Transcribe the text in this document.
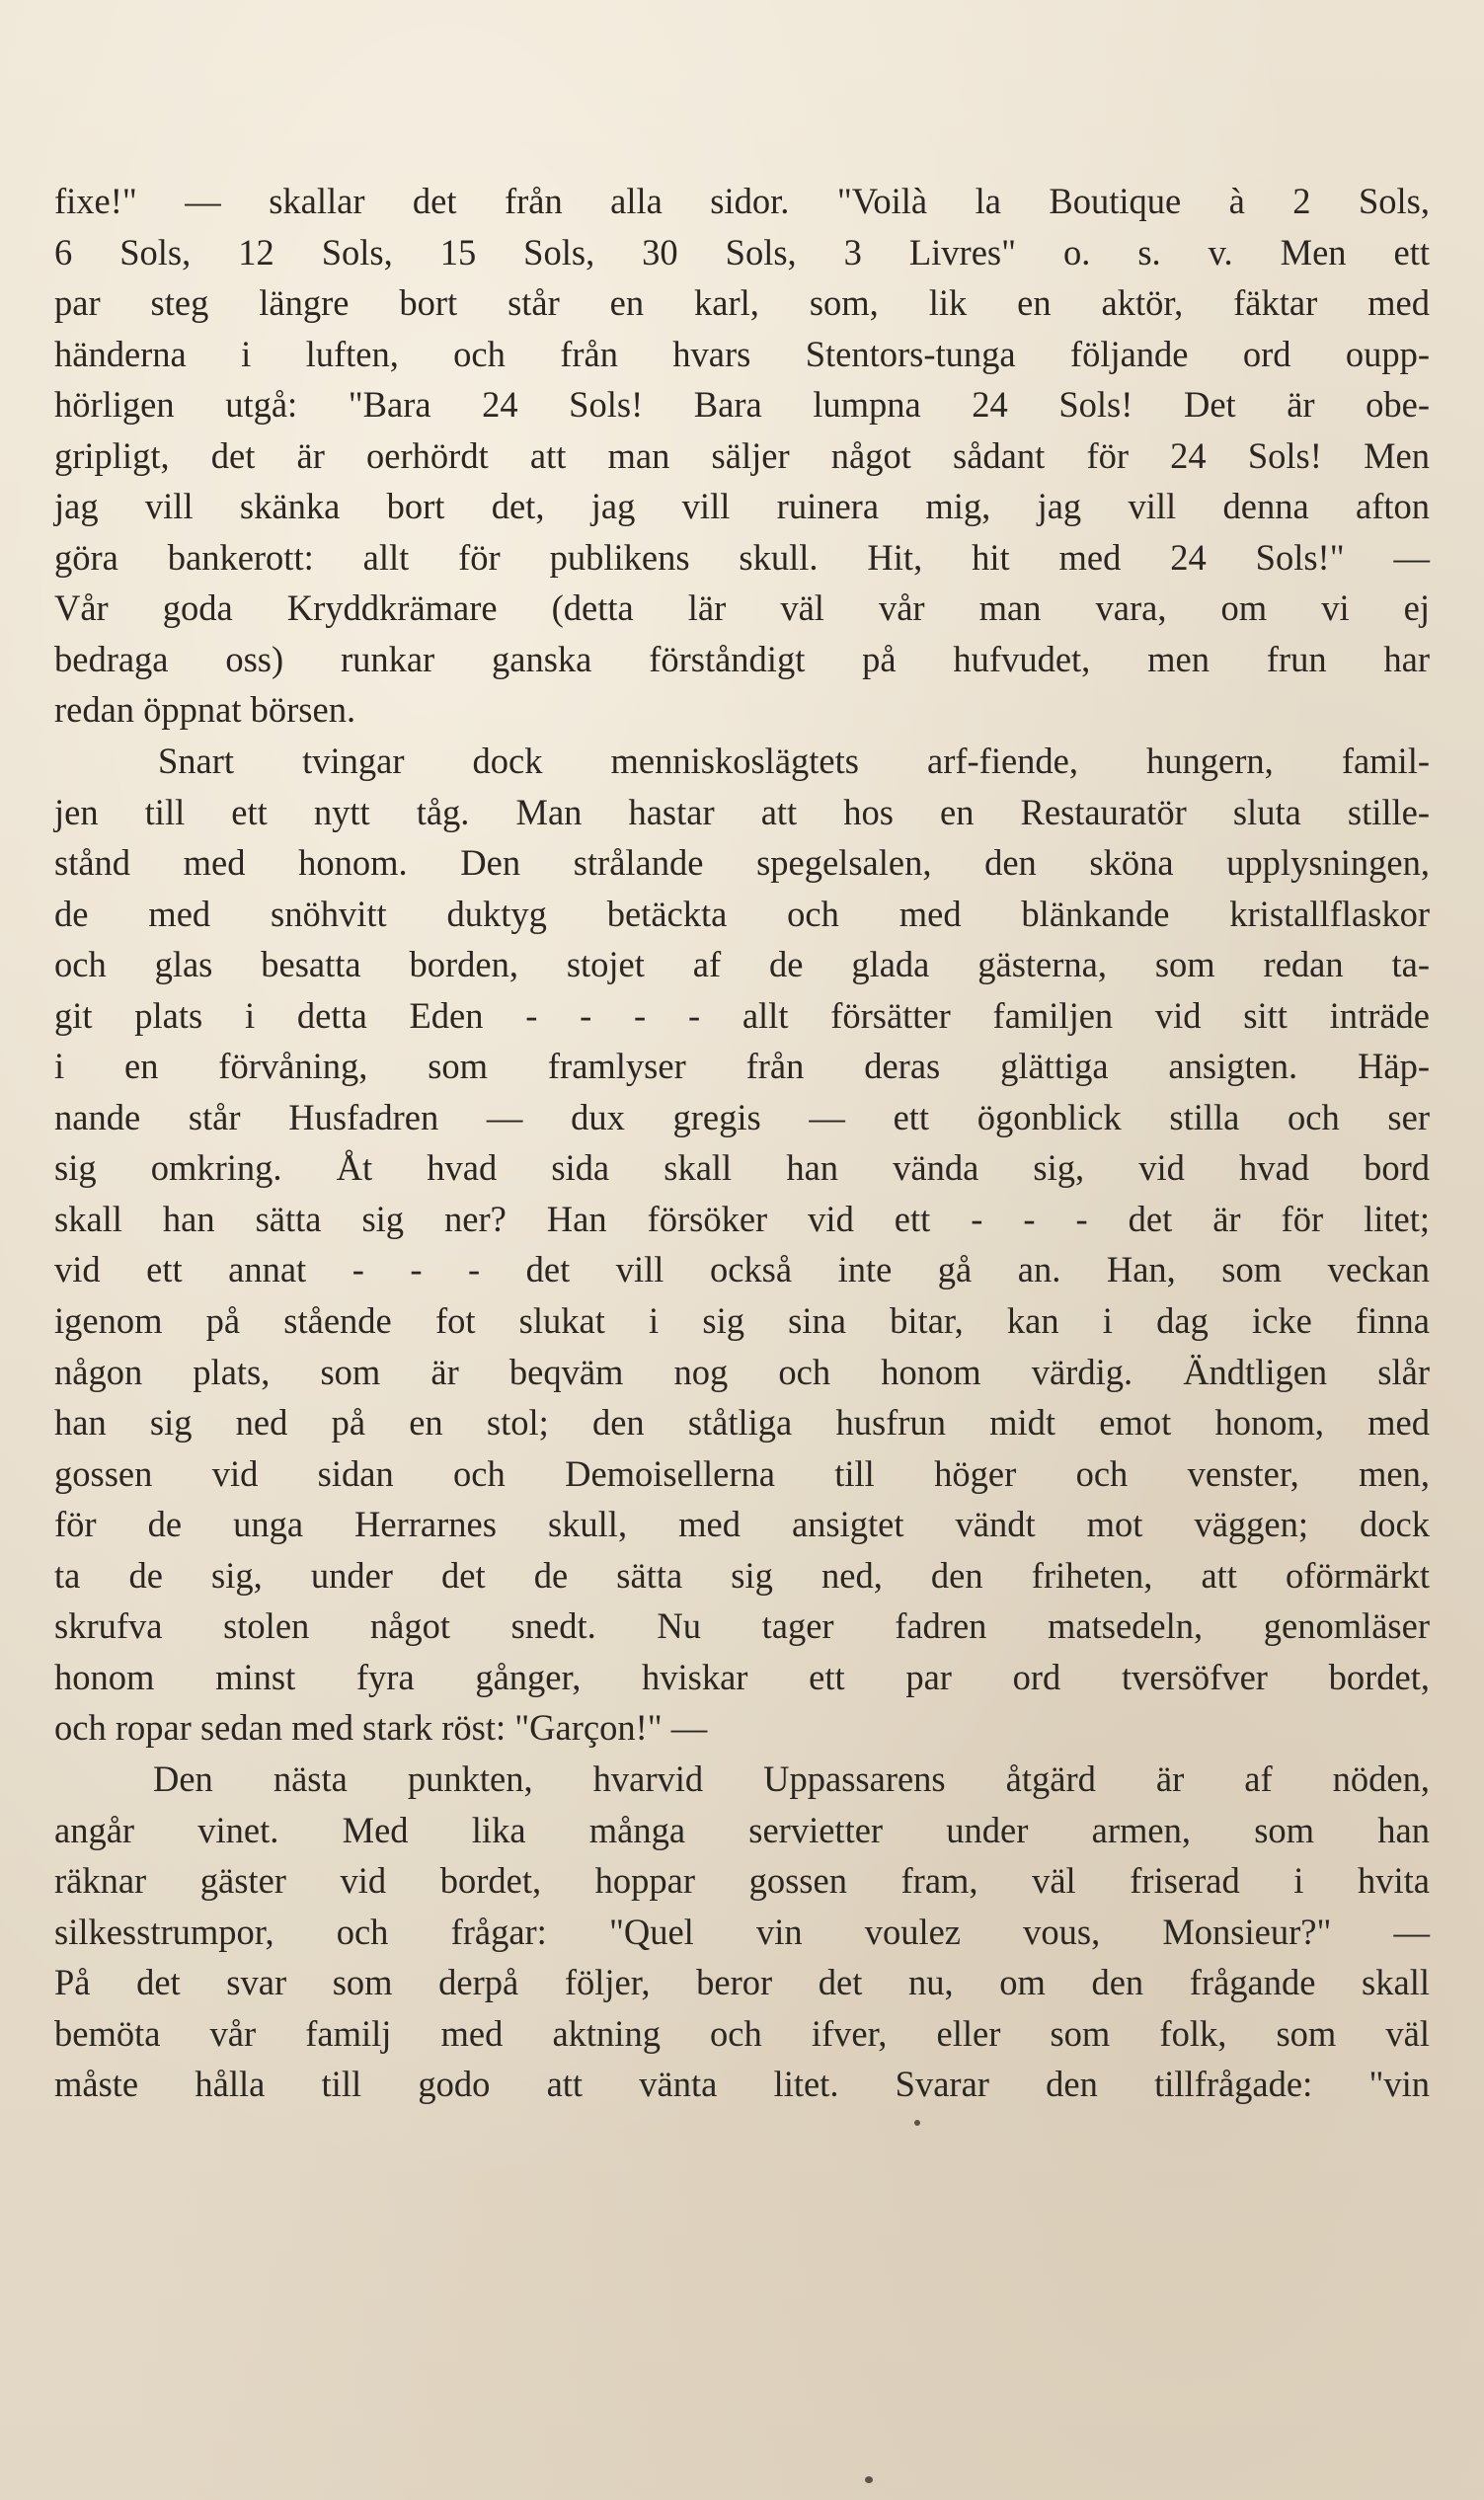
fixe!" — skallar det från alla sidor. "Voilà la Boutique à 2 Sols,
6 Sols, 12 Sols, 15 Sols, 30 Sols, 3 Livres" o. s. v. Men ett
par steg längre bort står en karl, som, lik en aktör, fäktar med
händerna i luften, och från hvars Stentors-tunga följande ord oupp-
hörligen utgå: "Bara 24 Sols! Bara lumpna 24 Sols! Det är obe-
gripligt, det är oerhördt att man säljer något sådant för 24 Sols! Men
jag vill skänka bort det, jag vill ruinera mig, jag vill denna afton
göra bankerott: allt för publikens skull. Hit, hit med 24 Sols!" —
Vår goda Kryddkrämare (detta lär väl vår man vara, om vi ej
bedraga oss) runkar ganska förståndigt på hufvudet, men frun har
redan öppnat börsen.
Snart tvingar dock menniskoslägtets arf-fiende, hungern, famil-
jen till ett nytt tåg. Man hastar att hos en Restauratör sluta stille-
stånd med honom. Den strålande spegelsalen, den sköna upplysningen,
de med snöhvitt duktyg betäckta och med blänkande kristallflaskor
och glas besatta borden, stojet af de glada gästerna, som redan ta-
git plats i detta Eden - - - - allt försätter familjen vid sitt inträde
i en förvåning, som framlyser från deras glättiga ansigten. Häp-
nande står Husfadren — dux gregis — ett ögonblick stilla och ser
sig omkring. Åt hvad sida skall han vända sig, vid hvad bord
skall han sätta sig ner? Han försöker vid ett - - - det är för litet;
vid ett annat - - - det vill också inte gå an. Han, som veckan
igenom på stående fot slukat i sig sina bitar, kan i dag icke finna
någon plats, som är beqväm nog och honom värdig. Ändtligen slår
han sig ned på en stol; den ståtliga husfrun midt emot honom, med
gossen vid sidan och Demoisellerna till höger och venster, men,
för de unga Herrarnes skull, med ansigtet vändt mot väggen; dock
ta de sig, under det de sätta sig ned, den friheten, att oförmärkt
skrufva stolen något snedt. Nu tager fadren matsedeln, genomläser
honom minst fyra gånger, hviskar ett par ord tversöfver bordet,
och ropar sedan med stark röst: "Garçon!" —
Den nästa punkten, hvarvid Uppassarens åtgärd är af nöden,
angår vinet. Med lika många servietter under armen, som han
räknar gäster vid bordet, hoppar gossen fram, väl friserad i hvita
silkesstrumpor, och frågar: "Quel vin voulez vous, Monsieur?" —
På det svar som derpå följer, beror det nu, om den frågande skall
bemöta vår familj med aktning och ifver, eller som folk, som väl
måste hålla till godo att vänta litet. Svarar den tillfrågade: "vin
